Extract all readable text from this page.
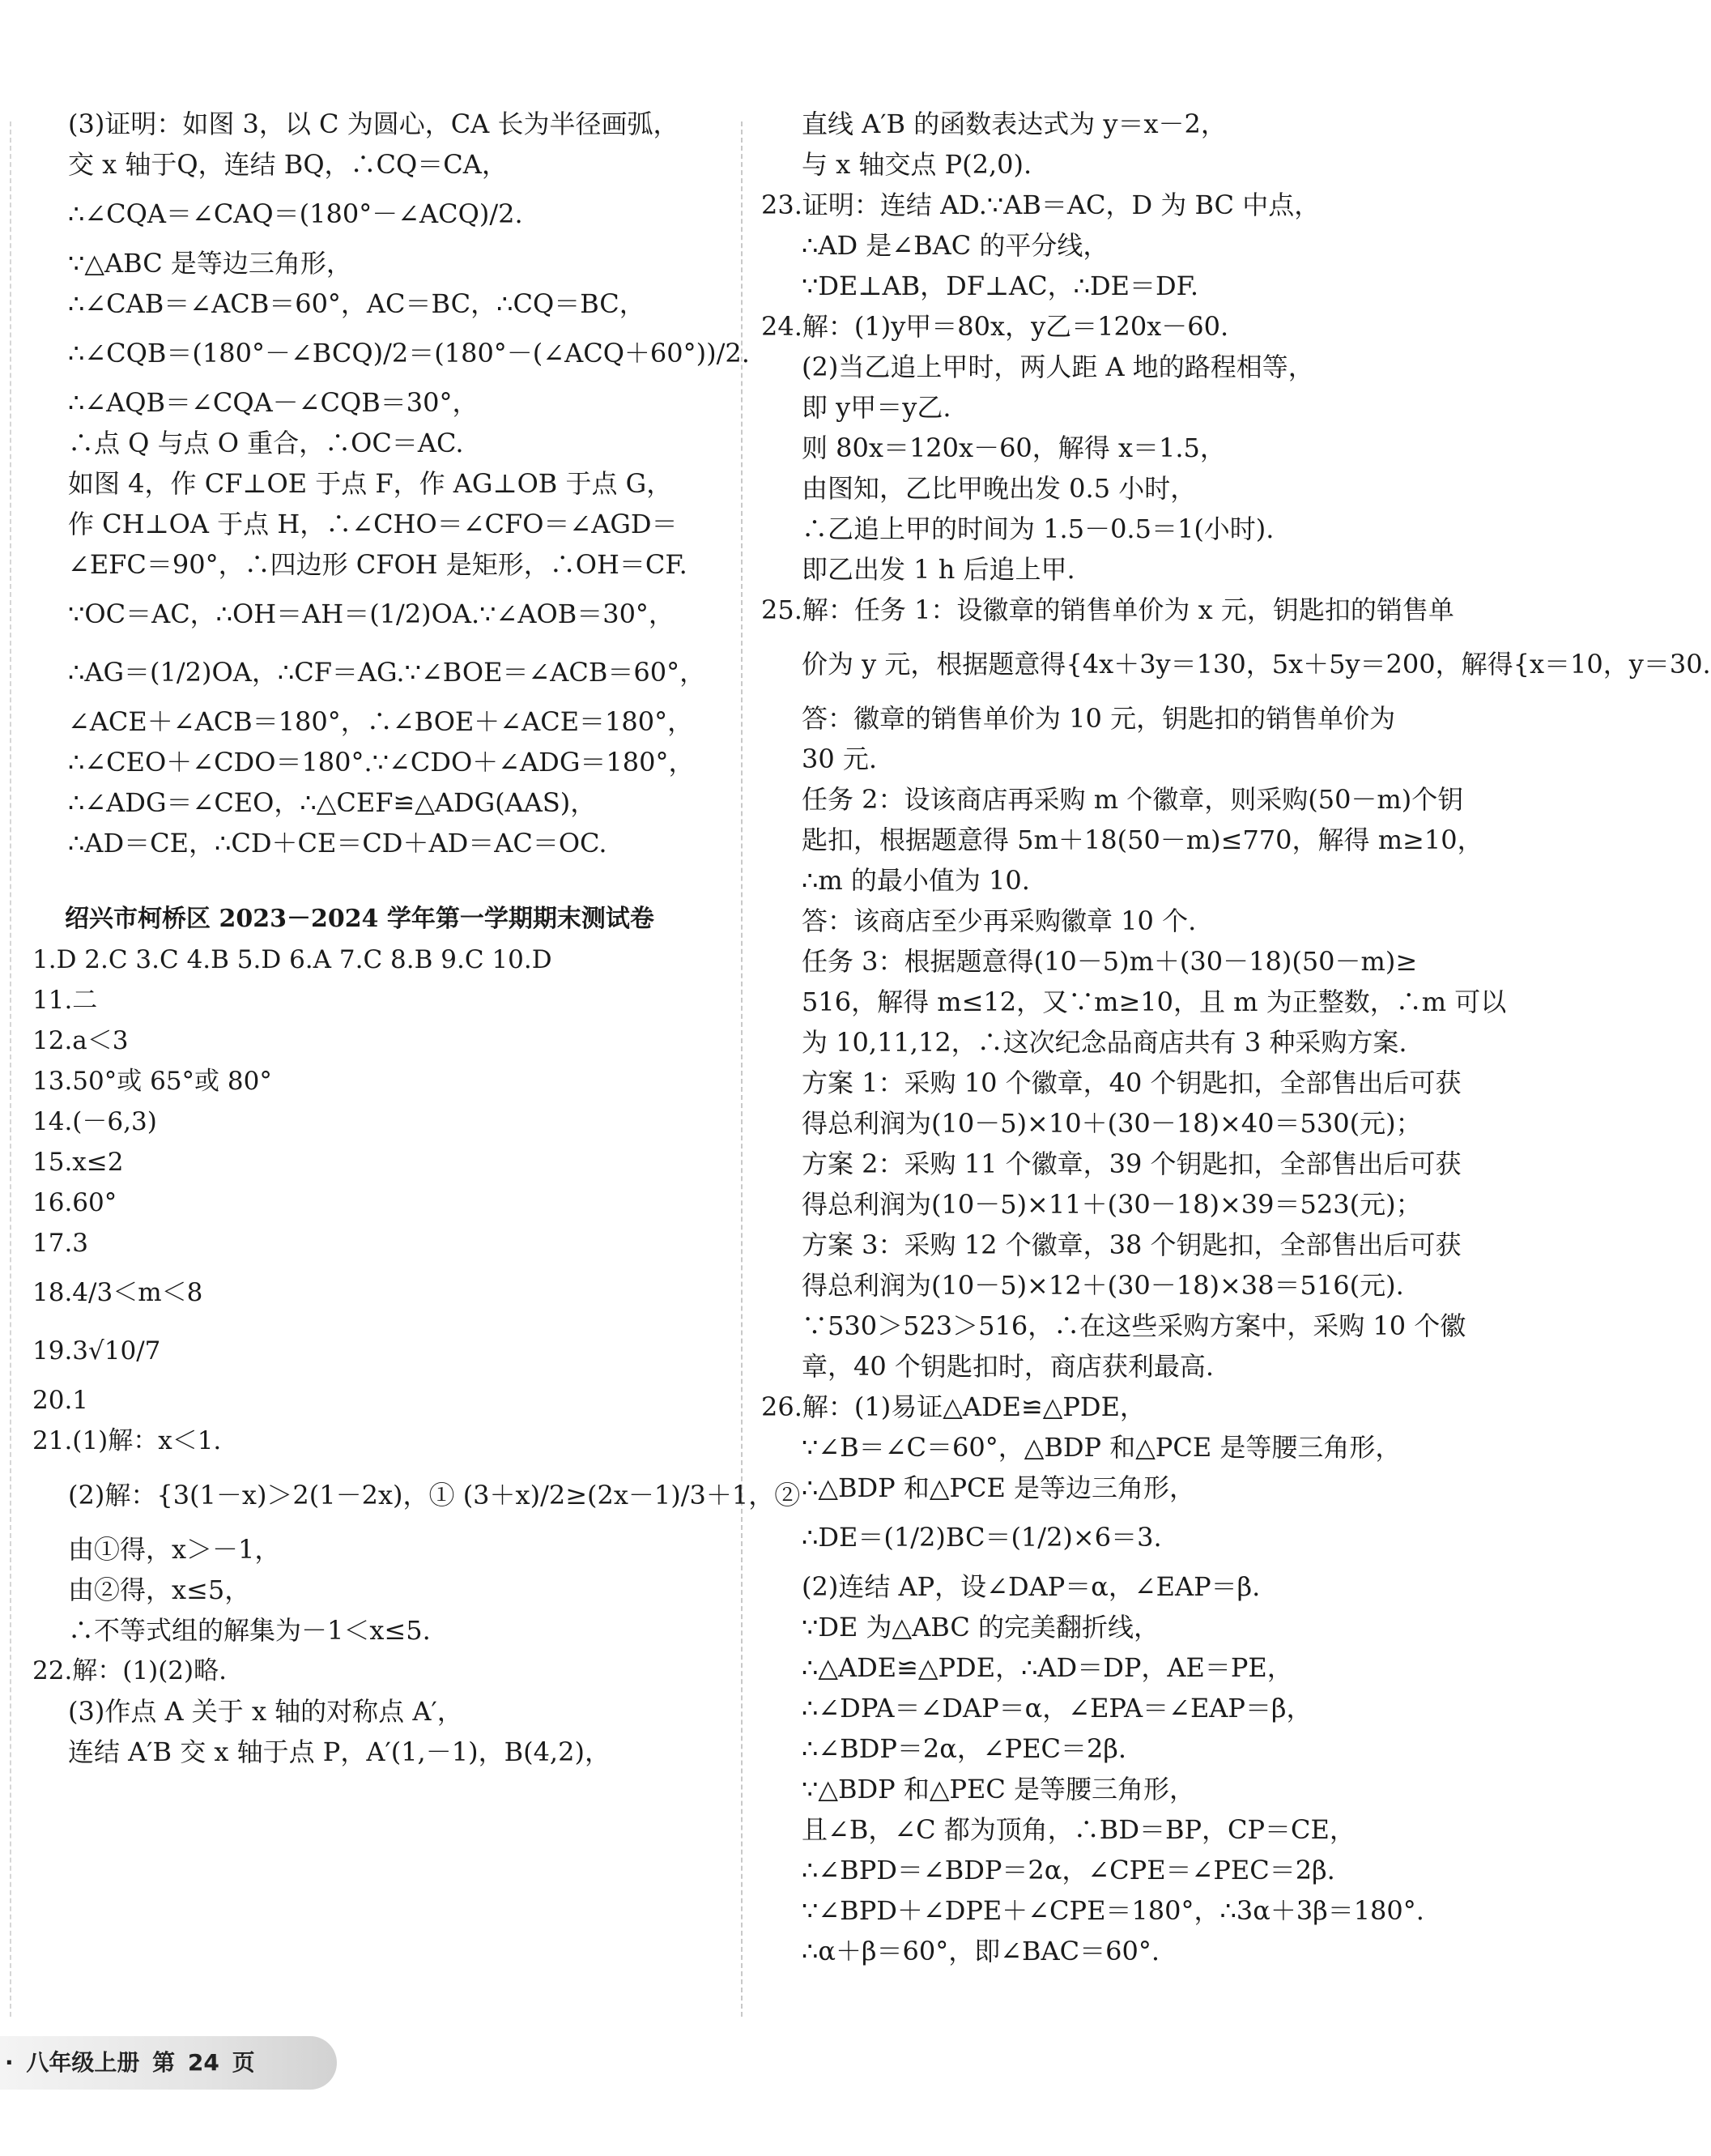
(3)证明：如图 3，以 C 为圆心，CA 长为半径画弧，
交 x 轴于Q，连结 BQ，∴CQ＝CA，
∴∠CQA＝∠CAQ＝(180°－∠ACQ)/2.
∵△ABC 是等边三角形，
∴∠CAB＝∠ACB＝60°，AC＝BC，∴CQ＝BC，
∴∠CQB＝(180°－∠BCQ)/2＝(180°－(∠ACQ＋60°))/2.
∴∠AQB＝∠CQA－∠CQB＝30°，
∴点 Q 与点 O 重合，∴OC＝AC.
如图 4，作 CF⊥OE 于点 F，作 AG⊥OB 于点 G，
作 CH⊥OA 于点 H，∴∠CHO＝∠CFO＝∠AGD＝
∠EFC＝90°，∴四边形 CFOH 是矩形，∴OH＝CF.
∵OC＝AC，∴OH＝AH＝(1/2)OA.∵∠AOB＝30°，
∴AG＝(1/2)OA，∴CF＝AG.∵∠BOE＝∠ACB＝60°，
∠ACE＋∠ACB＝180°，∴∠BOE＋∠ACE＝180°，
∴∠CEO＋∠CDO＝180°.∵∠CDO＋∠ADG＝180°，
∴∠ADG＝∠CEO，∴△CEF≌△ADG(AAS)，
∴AD＝CE，∴CD＋CE＝CD＋AD＝AC＝OC.
绍兴市柯桥区 2023－2024 学年第一学期期末测试卷
1.D 2.C 3.C 4.B 5.D 6.A 7.C 8.B 9.C 10.D
11.二
12.a＜3
13.50°或 65°或 80°
14.(－6,3)
15.x≤2
16.60°
17.3
18.4/3＜m＜8
19.3√10/7
20.1
21.(1)解：x＜1.
(2)解：{3(1－x)＞2(1－2x)，① (3＋x)/2≥(2x－1)/3＋1，②
由①得，x＞－1，
由②得，x≤5，
∴不等式组的解集为－1＜x≤5.
22.解：(1)(2)略.
(3)作点 A 关于 x 轴的对称点 A′，
连结 A′B 交 x 轴于点 P，A′(1,－1)，B(4,2)，
直线 A′B 的函数表达式为 y＝x－2，
与 x 轴交点 P(2,0).
23.证明：连结 AD.∵AB＝AC，D 为 BC 中点，
∴AD 是∠BAC 的平分线，
∵DE⊥AB，DF⊥AC，∴DE＝DF.
24.解：(1)y甲＝80x，y乙＝120x－60.
(2)当乙追上甲时，两人距 A 地的路程相等，
即 y甲＝y乙.
则 80x＝120x－60，解得 x＝1.5，
由图知，乙比甲晚出发 0.5 小时，
∴乙追上甲的时间为 1.5－0.5＝1(小时).
即乙出发 1 h 后追上甲.
25.解：任务 1：设徽章的销售单价为 x 元，钥匙扣的销售单
价为 y 元，根据题意得{4x＋3y＝130，5x＋5y＝200，解得{x＝10，y＝30.
答：徽章的销售单价为 10 元，钥匙扣的销售单价为
30 元.
任务 2：设该商店再采购 m 个徽章，则采购(50－m)个钥
匙扣，根据题意得 5m＋18(50－m)≤770，解得 m≥10，
∴m 的最小值为 10.
答：该商店至少再采购徽章 10 个.
任务 3：根据题意得(10－5)m＋(30－18)(50－m)≥
516，解得 m≤12，又∵m≥10，且 m 为正整数，∴m 可以
为 10,11,12，∴这次纪念品商店共有 3 种采购方案.
方案 1：采购 10 个徽章，40 个钥匙扣，全部售出后可获
得总利润为(10－5)×10＋(30－18)×40＝530(元)；
方案 2：采购 11 个徽章，39 个钥匙扣，全部售出后可获
得总利润为(10－5)×11＋(30－18)×39＝523(元)；
方案 3：采购 12 个徽章，38 个钥匙扣，全部售出后可获
得总利润为(10－5)×12＋(30－18)×38＝516(元).
∵530＞523＞516，∴在这些采购方案中，采购 10 个徽
章，40 个钥匙扣时，商店获利最高.
26.解：(1)易证△ADE≌△PDE，
∵∠B＝∠C＝60°，△BDP 和△PCE 是等腰三角形，
∴△BDP 和△PCE 是等边三角形，
∴DE＝(1/2)BC＝(1/2)×6＝3.
(2)连结 AP，设∠DAP＝α，∠EAP＝β.
∵DE 为△ABC 的完美翻折线，
∴△ADE≌△PDE，∴AD＝DP，AE＝PE，
∴∠DPA＝∠DAP＝α，∠EPA＝∠EAP＝β，
∴∠BDP＝2α，∠PEC＝2β.
∵△BDP 和△PEC 是等腰三角形，
且∠B，∠C 都为顶角，∴BD＝BP，CP＝CE，
∴∠BPD＝∠BDP＝2α，∠CPE＝∠PEC＝2β.
∵∠BPD＋∠DPE＋∠CPE＝180°，∴3α＋3β＝180°.
∴α＋β＝60°，即∠BAC＝60°.
· 八年级上册 第 24 页
